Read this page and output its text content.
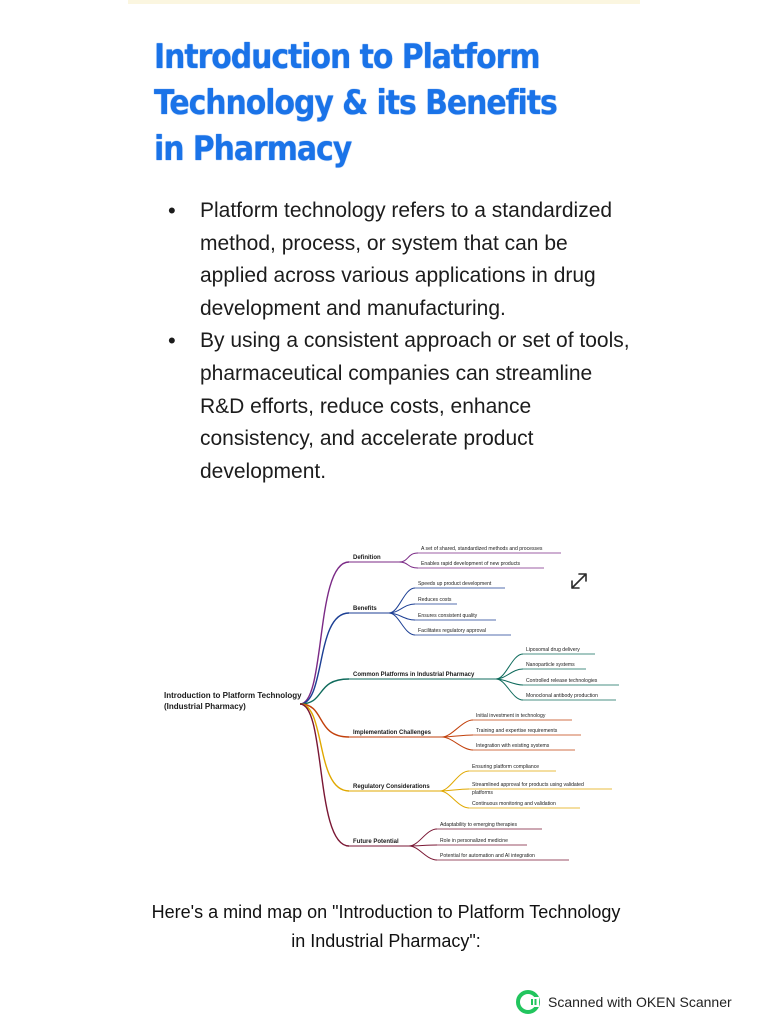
Introduction to Platform Technology & its Benefits in Pharmacy
• Platform technology refers to a standardized method, process, or system that can be applied across various applications in drug development and manufacturing.
• By using a consistent approach or set of tools, pharmaceutical companies can streamline R&D efforts, reduce costs, enhance consistency, and accelerate product development.
Introduction to Platform Technology
(Industrial Pharmacy)
Definition
A set of shared, standardized methods and processes
Enables rapid development of new products
Benefits
Speeds up product development
Reduces costs
Ensures consistent quality
Facilitates regulatory approval
Common Platforms in Industrial Pharmacy
Liposomal drug delivery
Nanoparticle systems
Controlled release technologies
Monoclonal antibody production
Implementation Challenges
Initial investment in technology
Training and expertise requirements
Integration with existing systems
Regulatory Considerations
Ensuring platform compliance
Streamlined approval for products using validated
platforms
Continuous monitoring and validation
Future Potential
Adaptability to emerging therapies
Role in personalized medicine
Potential for automation and AI integration
Here's a mind map on "Introduction to Platform Technology in Industrial Pharmacy":
Scanned with OKEN Scanner
